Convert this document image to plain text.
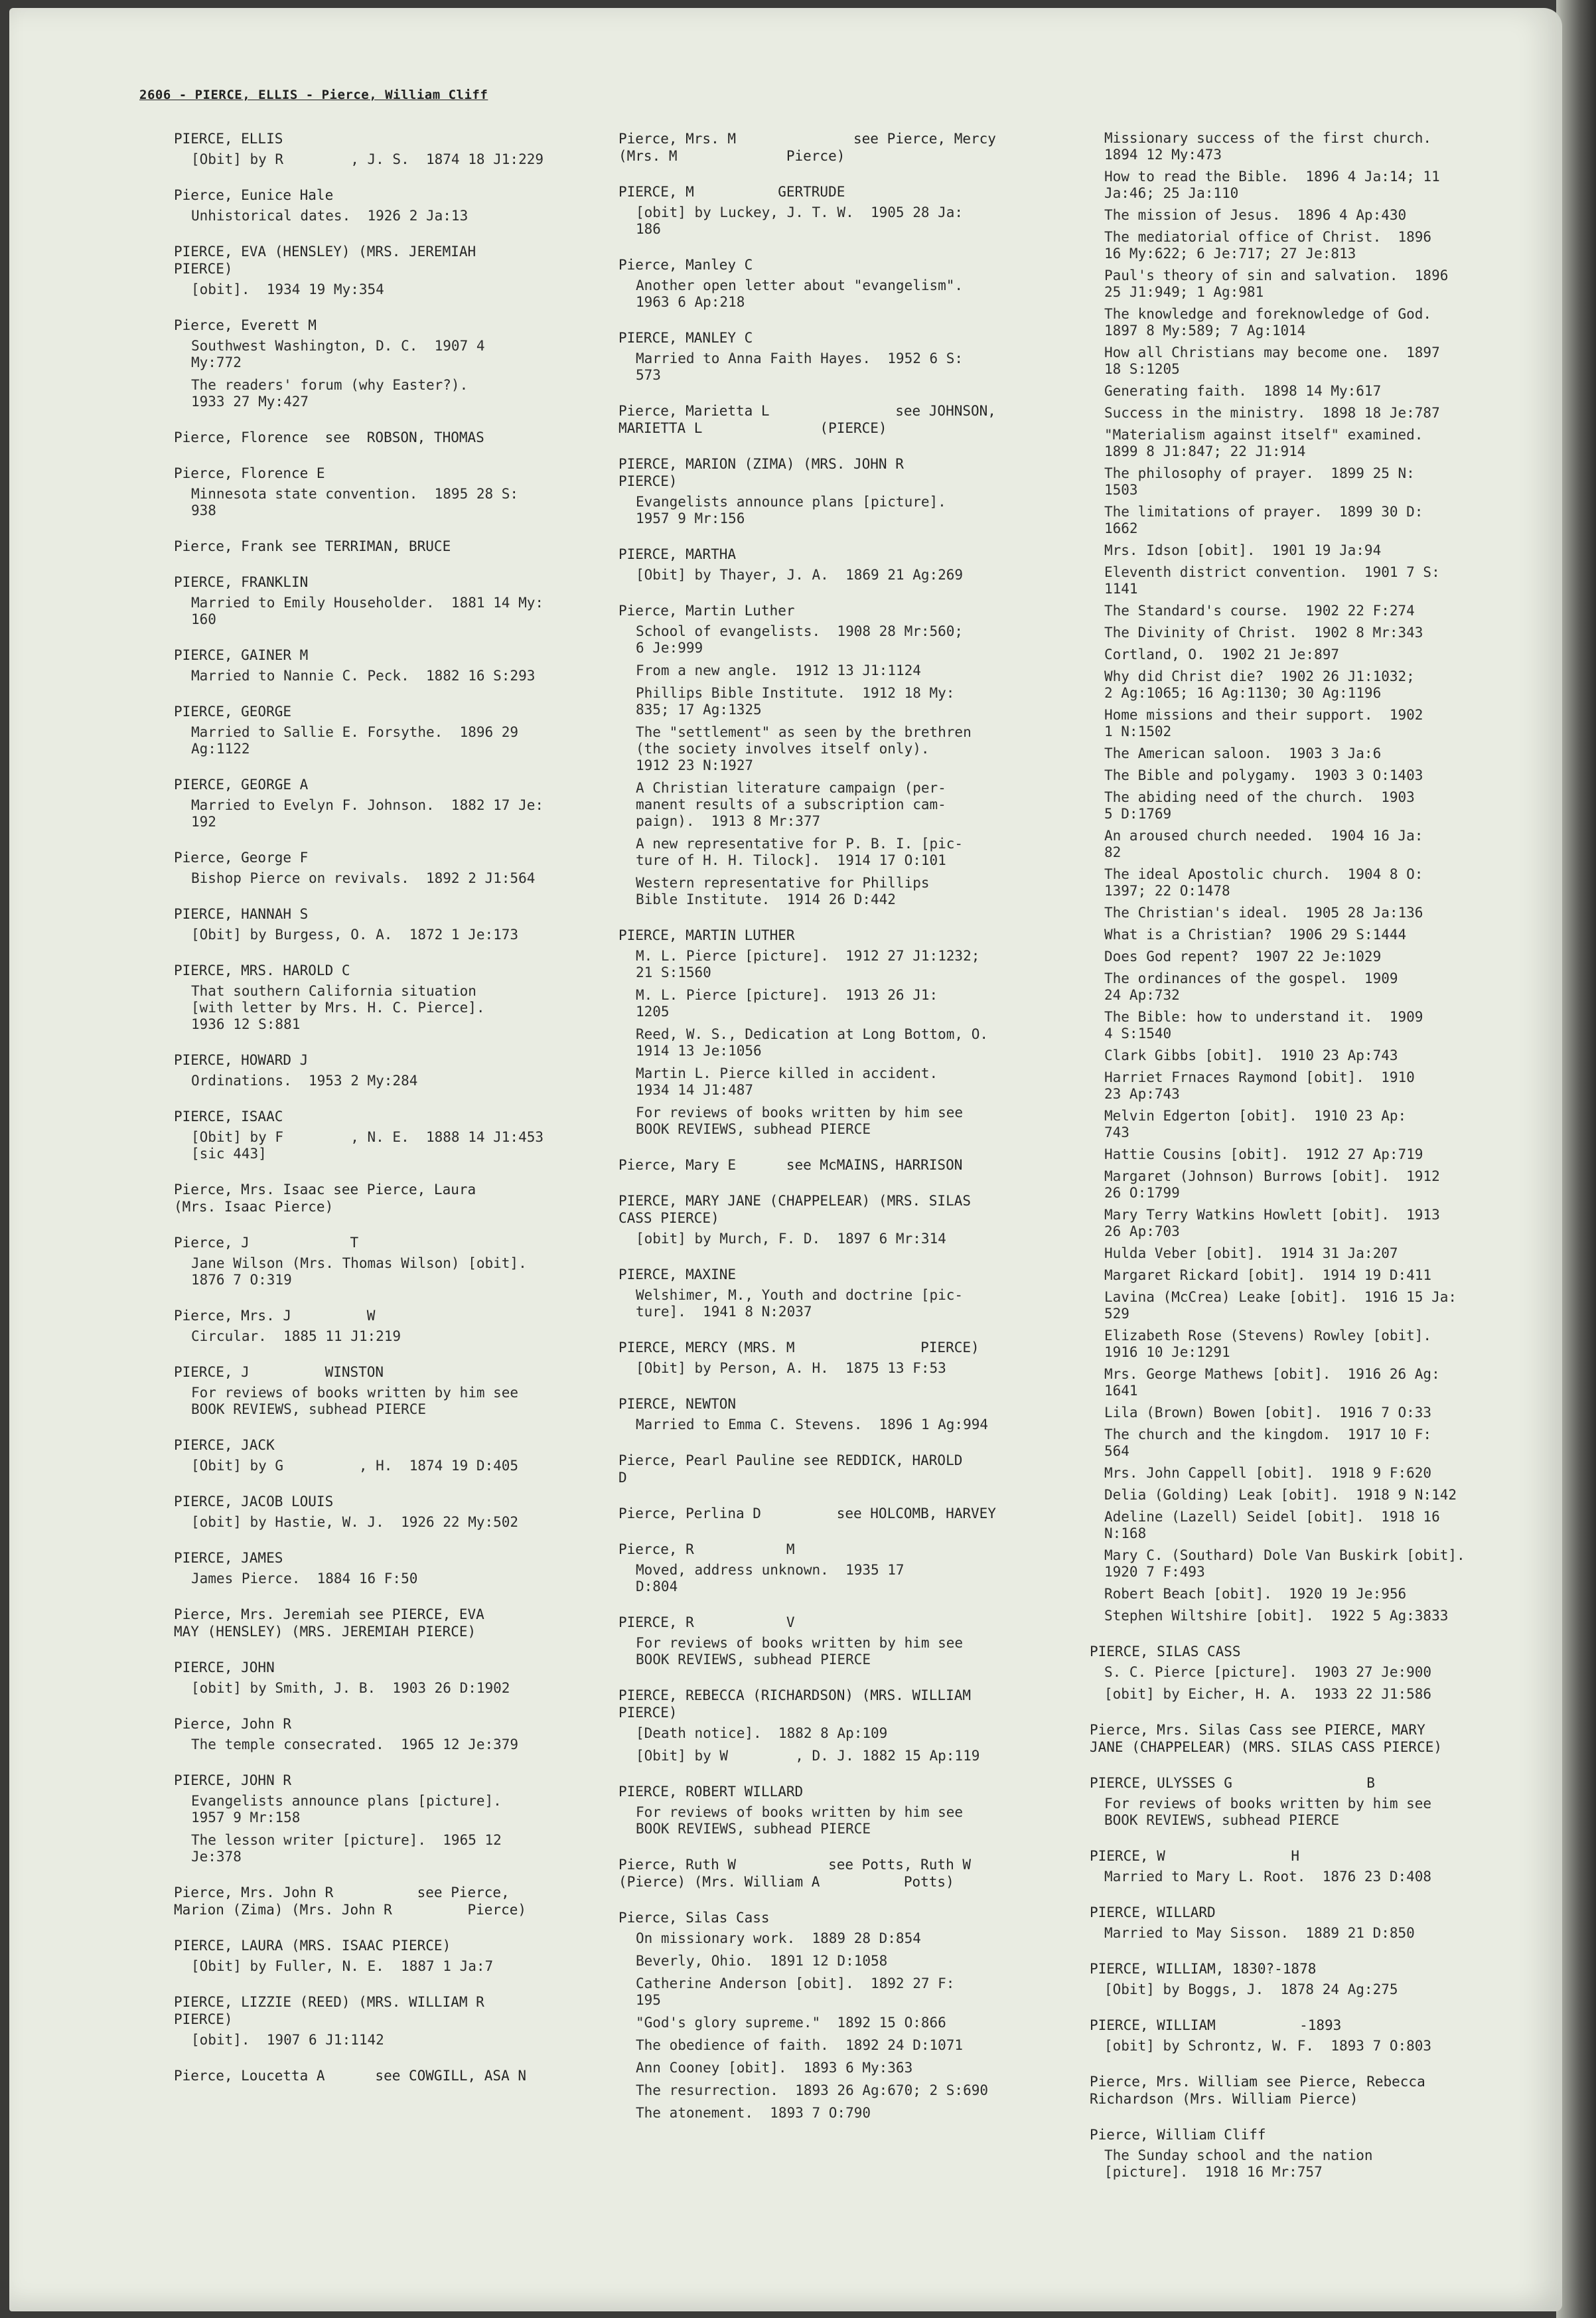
2606 - PIERCE, ELLIS - Pierce, William Cliff
PIERCE, ELLIS
[Obit] by R        , J. S.  1874 18 J1:229
Pierce, Eunice Hale
Unhistorical dates.  1926 2 Ja:13
PIERCE, EVA (HENSLEY) (MRS. JEREMIAH
PIERCE)
[obit].  1934 19 My:354
Pierce, Everett M
Southwest Washington, D. C.  1907 4
My:772
The readers' forum (why Easter?).
1933 27 My:427
Pierce, Florence  see  ROBSON, THOMAS
Pierce, Florence E
Minnesota state convention.  1895 28 S:
938
Pierce, Frank see TERRIMAN, BRUCE
PIERCE, FRANKLIN
Married to Emily Householder.  1881 14 My:
160
PIERCE, GAINER M
Married to Nannie C. Peck.  1882 16 S:293
PIERCE, GEORGE
Married to Sallie E. Forsythe.  1896 29
Ag:1122
PIERCE, GEORGE A
Married to Evelyn F. Johnson.  1882 17 Je:
192
Pierce, George F
Bishop Pierce on revivals.  1892 2 J1:564
PIERCE, HANNAH S
[Obit] by Burgess, O. A.  1872 1 Je:173
PIERCE, MRS. HAROLD C
That southern California situation
[with letter by Mrs. H. C. Pierce].
1936 12 S:881
PIERCE, HOWARD J
Ordinations.  1953 2 My:284
PIERCE, ISAAC
[Obit] by F        , N. E.  1888 14 J1:453
[sic 443]
Pierce, Mrs. Isaac see Pierce, Laura
(Mrs. Isaac Pierce)
Pierce, J            T
Jane Wilson (Mrs. Thomas Wilson) [obit].
1876 7 O:319
Pierce, Mrs. J         W
Circular.  1885 11 J1:219
PIERCE, J         WINSTON
For reviews of books written by him see
BOOK REVIEWS, subhead PIERCE
PIERCE, JACK
[Obit] by G         , H.  1874 19 D:405
PIERCE, JACOB LOUIS
[obit] by Hastie, W. J.  1926 22 My:502
PIERCE, JAMES
James Pierce.  1884 16 F:50
Pierce, Mrs. Jeremiah see PIERCE, EVA
MAY (HENSLEY) (MRS. JEREMIAH PIERCE)
PIERCE, JOHN
[obit] by Smith, J. B.  1903 26 D:1902
Pierce, John R
The temple consecrated.  1965 12 Je:379
PIERCE, JOHN R
Evangelists announce plans [picture].
1957 9 Mr:158
The lesson writer [picture].  1965 12
Je:378
Pierce, Mrs. John R          see Pierce,
Marion (Zima) (Mrs. John R         Pierce)
PIERCE, LAURA (MRS. ISAAC PIERCE)
[Obit] by Fuller, N. E.  1887 1 Ja:7
PIERCE, LIZZIE (REED) (MRS. WILLIAM R
PIERCE)
[obit].  1907 6 J1:1142
Pierce, Loucetta A      see COWGILL, ASA N
Pierce, Mrs. M              see Pierce, Mercy
(Mrs. M             Pierce)
PIERCE, M          GERTRUDE
[obit] by Luckey, J. T. W.  1905 28 Ja:
186
Pierce, Manley C
Another open letter about "evangelism".
1963 6 Ap:218
PIERCE, MANLEY C
Married to Anna Faith Hayes.  1952 6 S:
573
Pierce, Marietta L               see JOHNSON,
MARIETTA L              (PIERCE)
PIERCE, MARION (ZIMA) (MRS. JOHN R
PIERCE)
Evangelists announce plans [picture].
1957 9 Mr:156
PIERCE, MARTHA
[Obit] by Thayer, J. A.  1869 21 Ag:269
Pierce, Martin Luther
School of evangelists.  1908 28 Mr:560;
6 Je:999
From a new angle.  1912 13 J1:1124
Phillips Bible Institute.  1912 18 My:
835; 17 Ag:1325
The "settlement" as seen by the brethren
(the society involves itself only).
1912 23 N:1927
A Christian literature campaign (per-
manent results of a subscription cam-
paign).  1913 8 Mr:377
A new representative for P. B. I. [pic-
ture of H. H. Tilock].  1914 17 O:101
Western representative for Phillips
Bible Institute.  1914 26 D:442
PIERCE, MARTIN LUTHER
M. L. Pierce [picture].  1912 27 J1:1232;
21 S:1560
M. L. Pierce [picture].  1913 26 J1:
1205
Reed, W. S., Dedication at Long Bottom, O.
1914 13 Je:1056
Martin L. Pierce killed in accident.
1934 14 J1:487
For reviews of books written by him see
BOOK REVIEWS, subhead PIERCE
Pierce, Mary E      see McMAINS, HARRISON
PIERCE, MARY JANE (CHAPPELEAR) (MRS. SILAS
CASS PIERCE)
[obit] by Murch, F. D.  1897 6 Mr:314
PIERCE, MAXINE
Welshimer, M., Youth and doctrine [pic-
ture].  1941 8 N:2037
PIERCE, MERCY (MRS. M               PIERCE)
[Obit] by Person, A. H.  1875 13 F:53
PIERCE, NEWTON
Married to Emma C. Stevens.  1896 1 Ag:994
Pierce, Pearl Pauline see REDDICK, HAROLD
D
Pierce, Perlina D         see HOLCOMB, HARVEY
Pierce, R           M
Moved, address unknown.  1935 17
D:804
PIERCE, R           V
For reviews of books written by him see
BOOK REVIEWS, subhead PIERCE
PIERCE, REBECCA (RICHARDSON) (MRS. WILLIAM
PIERCE)
[Death notice].  1882 8 Ap:109
[Obit] by W        , D. J. 1882 15 Ap:119
PIERCE, ROBERT WILLARD
For reviews of books written by him see
BOOK REVIEWS, subhead PIERCE
Pierce, Ruth W           see Potts, Ruth W
(Pierce) (Mrs. William A          Potts)
Pierce, Silas Cass
On missionary work.  1889 28 D:854
Beverly, Ohio.  1891 12 D:1058
Catherine Anderson [obit].  1892 27 F:
195
"God's glory supreme."  1892 15 O:866
The obedience of faith.  1892 24 D:1071
Ann Cooney [obit].  1893 6 My:363
The resurrection.  1893 26 Ag:670; 2 S:690
The atonement.  1893 7 O:790
Missionary success of the first church.
1894 12 My:473
How to read the Bible.  1896 4 Ja:14; 11
Ja:46; 25 Ja:110
The mission of Jesus.  1896 4 Ap:430
The mediatorial office of Christ.  1896
16 My:622; 6 Je:717; 27 Je:813
Paul's theory of sin and salvation.  1896
25 J1:949; 1 Ag:981
The knowledge and foreknowledge of God.
1897 8 My:589; 7 Ag:1014
How all Christians may become one.  1897
18 S:1205
Generating faith.  1898 14 My:617
Success in the ministry.  1898 18 Je:787
"Materialism against itself" examined.
1899 8 J1:847; 22 J1:914
The philosophy of prayer.  1899 25 N:
1503
The limitations of prayer.  1899 30 D:
1662
Mrs. Idson [obit].  1901 19 Ja:94
Eleventh district convention.  1901 7 S:
1141
The Standard's course.  1902 22 F:274
The Divinity of Christ.  1902 8 Mr:343
Cortland, O.  1902 21 Je:897
Why did Christ die?  1902 26 J1:1032;
2 Ag:1065; 16 Ag:1130; 30 Ag:1196
Home missions and their support.  1902
1 N:1502
The American saloon.  1903 3 Ja:6
The Bible and polygamy.  1903 3 O:1403
The abiding need of the church.  1903
5 D:1769
An aroused church needed.  1904 16 Ja:
82
The ideal Apostolic church.  1904 8 O:
1397; 22 O:1478
The Christian's ideal.  1905 28 Ja:136
What is a Christian?  1906 29 S:1444
Does God repent?  1907 22 Je:1029
The ordinances of the gospel.  1909
24 Ap:732
The Bible: how to understand it.  1909
4 S:1540
Clark Gibbs [obit].  1910 23 Ap:743
Harriet Frnaces Raymond [obit].  1910
23 Ap:743
Melvin Edgerton [obit].  1910 23 Ap:
743
Hattie Cousins [obit].  1912 27 Ap:719
Margaret (Johnson) Burrows [obit].  1912
26 O:1799
Mary Terry Watkins Howlett [obit].  1913
26 Ap:703
Hulda Veber [obit].  1914 31 Ja:207
Margaret Rickard [obit].  1914 19 D:411
Lavina (McCrea) Leake [obit].  1916 15 Ja:
529
Elizabeth Rose (Stevens) Rowley [obit].
1916 10 Je:1291
Mrs. George Mathews [obit].  1916 26 Ag:
1641
Lila (Brown) Bowen [obit].  1916 7 O:33
The church and the kingdom.  1917 10 F:
564
Mrs. John Cappell [obit].  1918 9 F:620
Delia (Golding) Leak [obit].  1918 9 N:142
Adeline (Lazell) Seidel [obit].  1918 16
N:168
Mary C. (Southard) Dole Van Buskirk [obit].
1920 7 F:493
Robert Beach [obit].  1920 19 Je:956
Stephen Wiltshire [obit].  1922 5 Ag:3833
PIERCE, SILAS CASS
S. C. Pierce [picture].  1903 27 Je:900
[obit] by Eicher, H. A.  1933 22 J1:586
Pierce, Mrs. Silas Cass see PIERCE, MARY
JANE (CHAPPELEAR) (MRS. SILAS CASS PIERCE)
PIERCE, ULYSSES G                B
For reviews of books written by him see
BOOK REVIEWS, subhead PIERCE
PIERCE, W               H
Married to Mary L. Root.  1876 23 D:408
PIERCE, WILLARD
Married to May Sisson.  1889 21 D:850
PIERCE, WILLIAM, 1830?-1878
[Obit] by Boggs, J.  1878 24 Ag:275
PIERCE, WILLIAM          -1893
[obit] by Schrontz, W. F.  1893 7 O:803
Pierce, Mrs. William see Pierce, Rebecca
Richardson (Mrs. William Pierce)
Pierce, William Cliff
The Sunday school and the nation
[picture].  1918 16 Mr:757
